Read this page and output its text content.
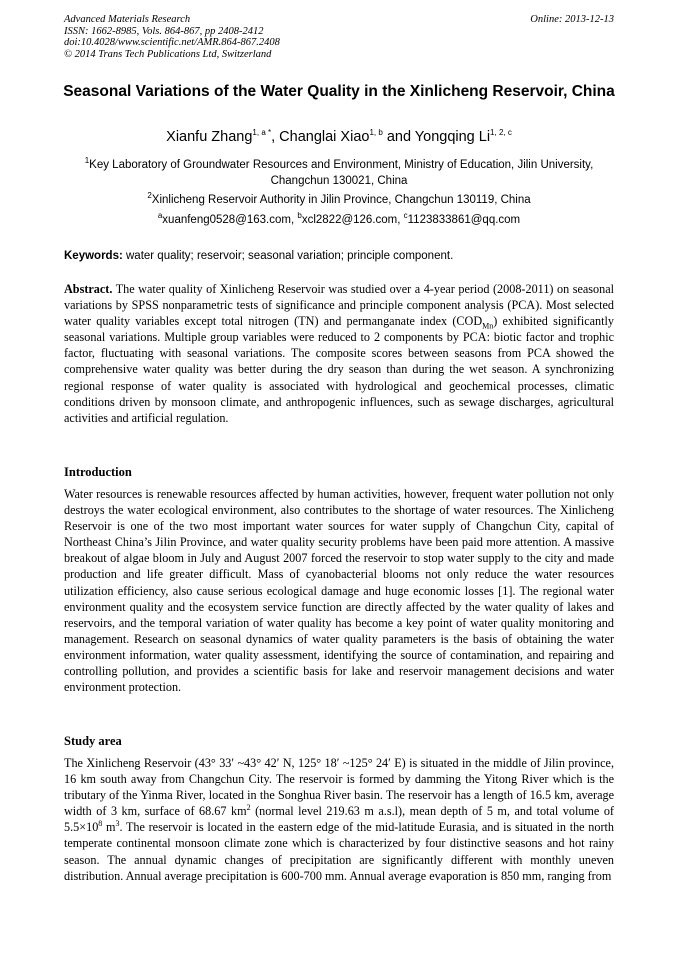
Advanced Materials Research
ISSN: 1662-8985, Vols. 864-867, pp 2408-2412
doi:10.4028/www.scientific.net/AMR.864-867.2408
© 2014 Trans Tech Publications Ltd, Switzerland
Online: 2013-12-13
Seasonal Variations of the Water Quality in the Xinlicheng Reservoir, China
Xianfu Zhang$^{1, a *}$, Changlai Xiao$^{1, b}$ and Yongqing Li$^{1, 2, c}$
$^1$Key Laboratory of Groundwater Resources and Environment, Ministry of Education, Jilin University, Changchun 130021, China
$^2$Xinlicheng Reservoir Authority in Jilin Province, Changchun 130119, China
$^a$xuanfeng0528@163.com, $^b$xcl2822@126.com, $^c$1123833861@qq.com
Keywords: water quality; reservoir; seasonal variation; principle component.
Abstract. The water quality of Xinlicheng Reservoir was studied over a 4-year period (2008-2011) on seasonal variations by SPSS nonparametric tests of significance and principle component analysis (PCA). Most selected water quality variables except total nitrogen (TN) and permanganate index $(COD_{Mn})$ exhibited significantly seasonal variations. Multiple group variables were reduced to 2 components by PCA: biotic factor and trophic factor, fluctuating with seasonal variations. The composite scores between seasons from PCA showed the comprehensive water quality was better during the dry season than during the wet season. A synchronizing regional response of water quality is associated with hydrological and geochemical processes, climatic conditions driven by monsoon climate, and anthropogenic influences, such as sewage discharges, agricultural activities and artificial regulation.
Introduction
Water resources is renewable resources affected by human activities, however, frequent water pollution not only destroys the water ecological environment, also contributes to the shortage of water resources. The Xinlicheng Reservoir is one of the two most important water sources for water supply of Changchun City, capital of Northeast China’s Jilin Province, and water quality security problems have been paid more attention. A massive breakout of algae bloom in July and August 2007 forced the reservoir to stop water supply to the city and made production and life greater difficult. Mass of cyanobacterial blooms not only reduce the water resources utilization efficiency, also cause serious ecological damage and huge economic losses [1]. The regional water environment quality and the ecosystem service function are directly affected by the water quality of lakes and reservoirs, and the temporal variation of water quality has become a key point of water quality monitoring and management. Research on seasonal dynamics of water quality parameters is the basis of obtaining the water environment information, water quality assessment, identifying the source of contamination, and repairing and controlling pollution, and provides a scientific basis for lake and reservoir management decisions and water environment protection.
Study area
The Xinlicheng Reservoir (43° 33′ ~43° 42′ N, 125° 18′ ~125° 24′ E) is situated in the middle of Jilin province, 16 km south away from Changchun City. The reservoir is formed by damming the Yitong River which is the tributary of the Yinma River, located in the Songhua River basin. The reservoir has a length of 16.5 km, average width of 3 km, surface of 68.67 $km^2$ (normal level 219.63 m a.s.l), mean depth of 5 m, and total volume of $5.5\times 10^8$ $m^3$. The reservoir is located in the eastern edge of the mid-latitude Eurasia, and is situated in the north temperate continental monsoon climate zone which is characterized by four distinctive seasons and hot rainy season. The annual dynamic changes of precipitation are significantly different with monthly uneven distribution. Annual average precipitation is 600-700 mm. Annual average evaporation is 850 mm, ranging from
